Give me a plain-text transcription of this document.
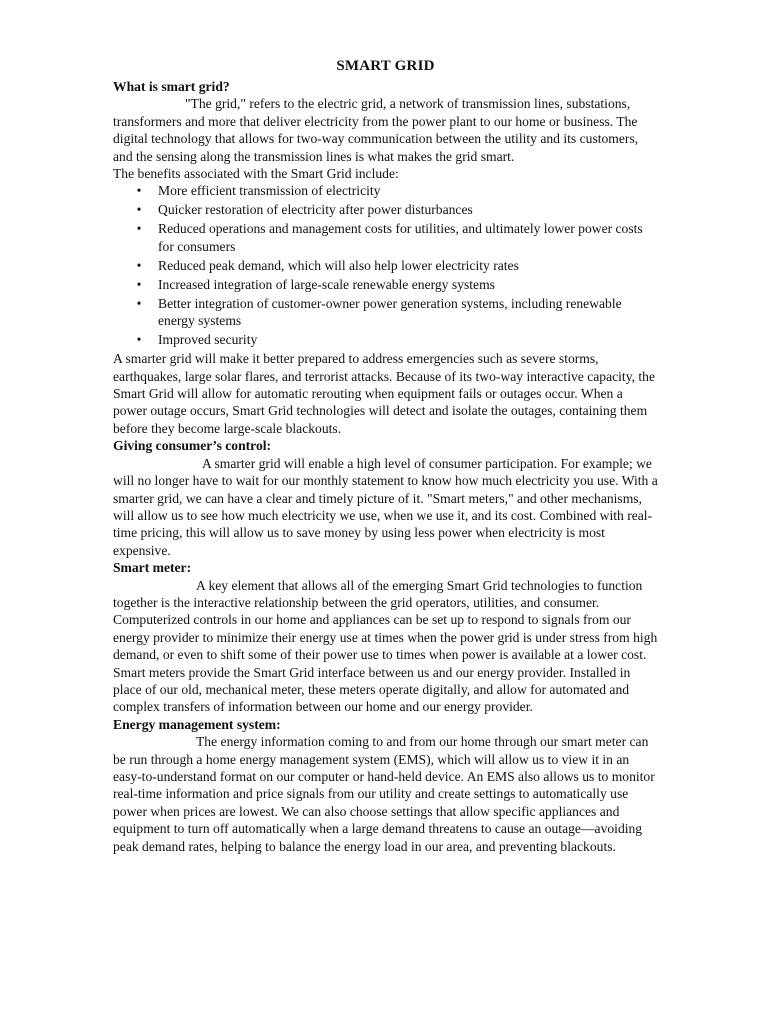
SMART GRID
What is smart grid?

"The grid," refers to the electric grid, a network of transmission lines, substations, transformers and more that deliver electricity from the power plant to our home or business. The digital technology that allows for two-way communication between the utility and its customers, and the sensing along the transmission lines is what makes the grid smart.

The benefits associated with the Smart Grid include:

• More efficient transmission of electricity
• Quicker restoration of electricity after power disturbances
• Reduced operations and management costs for utilities, and ultimately lower power costs for consumers
• Reduced peak demand, which will also help lower electricity rates
• Increased integration of large-scale renewable energy systems
• Better integration of customer-owner power generation systems, including renewable energy systems
• Improved security

A smarter grid will make it better prepared to address emergencies such as severe storms, earthquakes, large solar flares, and terrorist attacks. Because of its two-way interactive capacity, the Smart Grid will allow for automatic rerouting when equipment fails or outages occur. When a power outage occurs, Smart Grid technologies will detect and isolate the outages, containing them before they become large-scale blackouts.

Giving consumer’s control:

A smarter grid will enable a high level of consumer participation. For example; we will no longer have to wait for our monthly statement to know how much electricity you use. With a smarter grid, we can have a clear and timely picture of it. "Smart meters," and other mechanisms, will allow us to see how much electricity we use, when we use it, and its cost. Combined with real-time pricing, this will allow us to save money by using less power when electricity is most expensive.

Smart meter:

A key element that allows all of the emerging Smart Grid technologies to function together is the interactive relationship between the grid operators, utilities, and consumer. Computerized controls in our home and appliances can be set up to respond to signals from our energy provider to minimize their energy use at times when the power grid is under stress from high demand, or even to shift some of their power use to times when power is available at a lower cost. Smart meters provide the Smart Grid interface between us and our energy provider. Installed in place of our old, mechanical meter, these meters operate digitally, and allow for automated and complex transfers of information between our home and our energy provider.

Energy management system:

The energy information coming to and from our home through our smart meter can be run through a home energy management system (EMS), which will allow us to view it in an easy-to-understand format on our computer or hand-held device. An EMS also allows us to monitor real-time information and price signals from our utility and create settings to automatically use power when prices are lowest. We can also choose settings that allow specific appliances and equipment to turn off automatically when a large demand threatens to cause an outage—avoiding peak demand rates, helping to balance the energy load in our area, and preventing blackouts.
